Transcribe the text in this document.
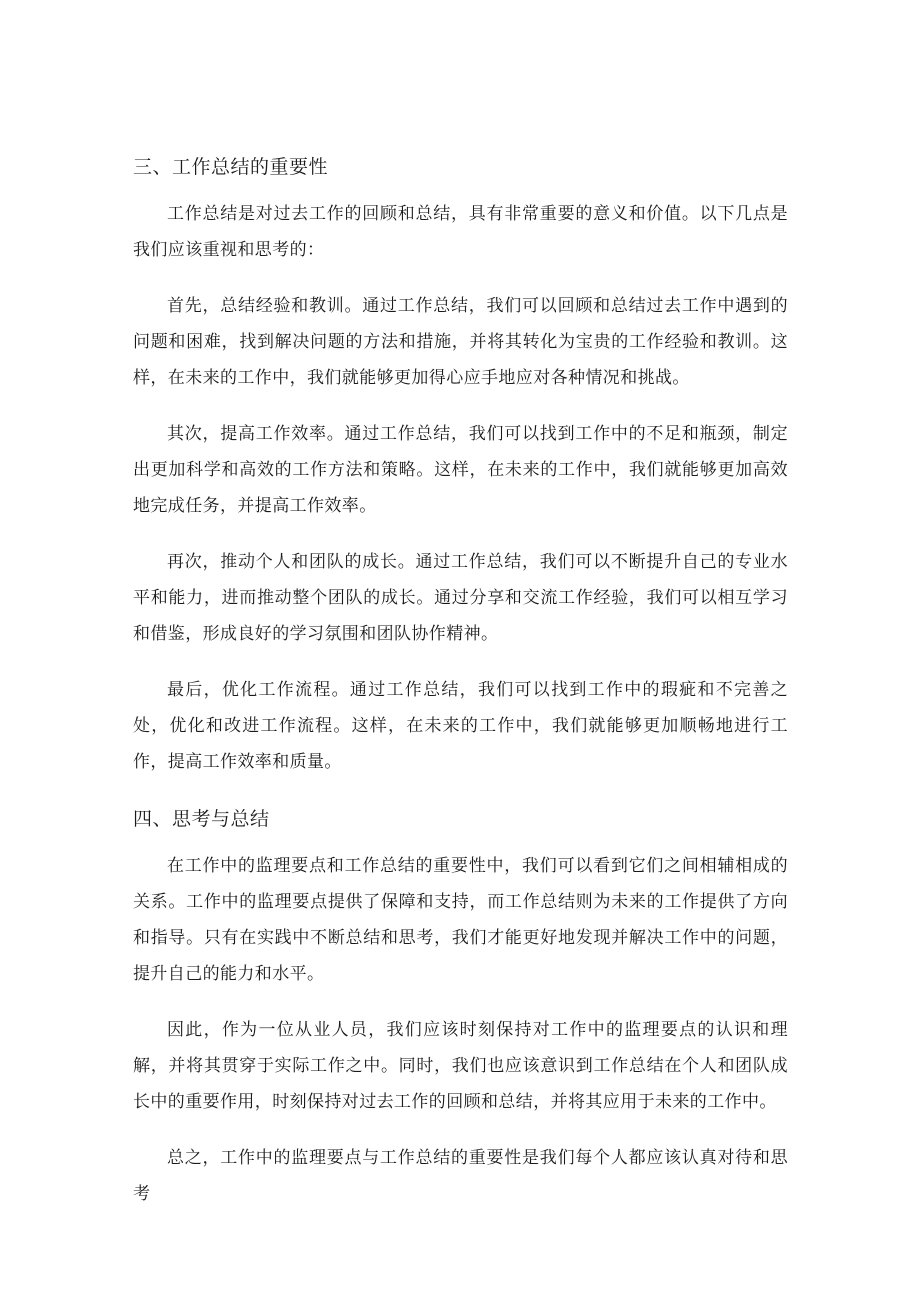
三、工作总结的重要性

工作总结是对过去工作的回顾和总结，具有非常重要的意义和价值。以下几点是我们应该重视和思考的：

首先，总结经验和教训。通过工作总结，我们可以回顾和总结过去工作中遇到的问题和困难，找到解决问题的方法和措施，并将其转化为宝贵的工作经验和教训。这样，在未来的工作中，我们就能够更加得心应手地应对各种情况和挑战。

其次，提高工作效率。通过工作总结，我们可以找到工作中的不足和瓶颈，制定出更加科学和高效的工作方法和策略。这样，在未来的工作中，我们就能够更加高效地完成任务，并提高工作效率。

再次，推动个人和团队的成长。通过工作总结，我们可以不断提升自己的专业水平和能力，进而推动整个团队的成长。通过分享和交流工作经验，我们可以相互学习和借鉴，形成良好的学习氛围和团队协作精神。

最后，优化工作流程。通过工作总结，我们可以找到工作中的瑕疵和不完善之处，优化和改进工作流程。这样，在未来的工作中，我们就能够更加顺畅地进行工作，提高工作效率和质量。

四、思考与总结

在工作中的监理要点和工作总结的重要性中，我们可以看到它们之间相辅相成的关系。工作中的监理要点提供了保障和支持，而工作总结则为未来的工作提供了方向和指导。只有在实践中不断总结和思考，我们才能更好地发现并解决工作中的问题，提升自己的能力和水平。

因此，作为一位从业人员，我们应该时刻保持对工作中的监理要点的认识和理解，并将其贯穿于实际工作之中。同时，我们也应该意识到工作总结在个人和团队成长中的重要作用，时刻保持对过去工作的回顾和总结，并将其应用于未来的工作中。

总之，工作中的监理要点与工作总结的重要性是我们每个人都应该认真对待和思考
